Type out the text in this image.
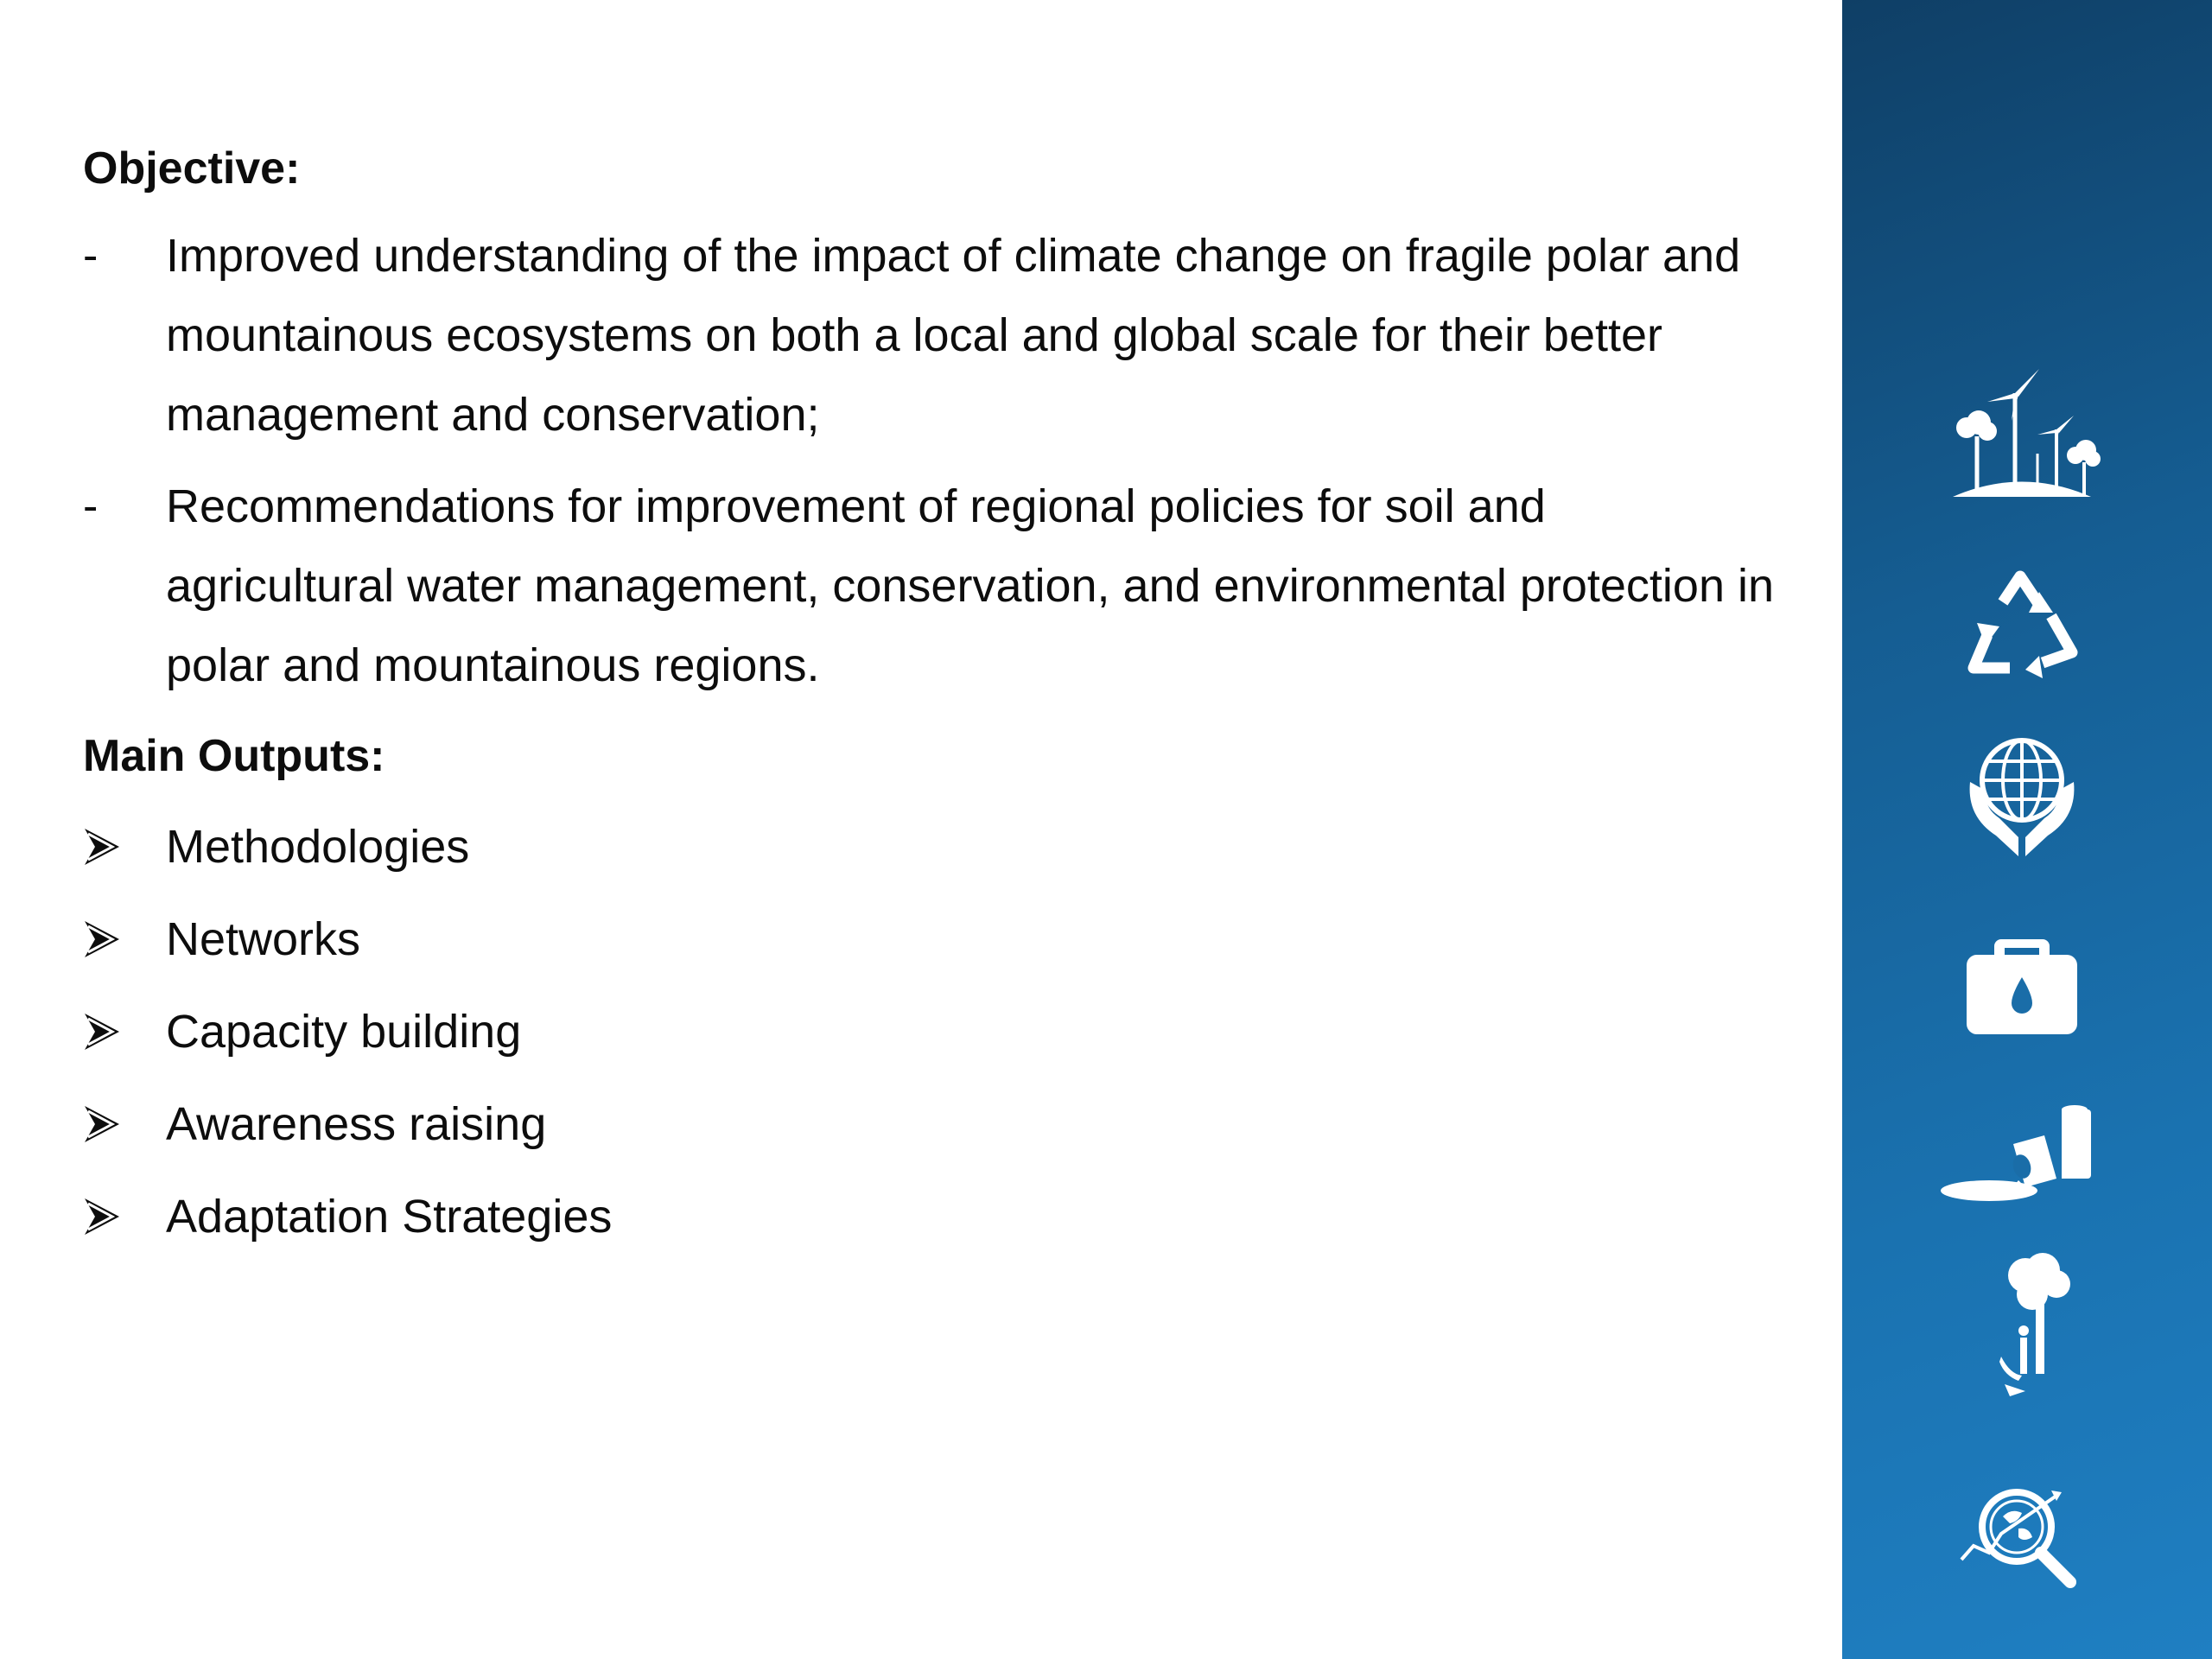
Objective:

-	Improved understanding of the impact of climate change on fragile polar and mountainous ecosystems on both a local and global scale for their better management and conservation;
-	Recommendations for improvement of regional policies for soil and agricultural water management, conservation, and environmental protection in polar and mountainous regions.

Main Outputs:

Methodologies
Networks
Capacity building
Awareness raising
Adaptation Strategies
